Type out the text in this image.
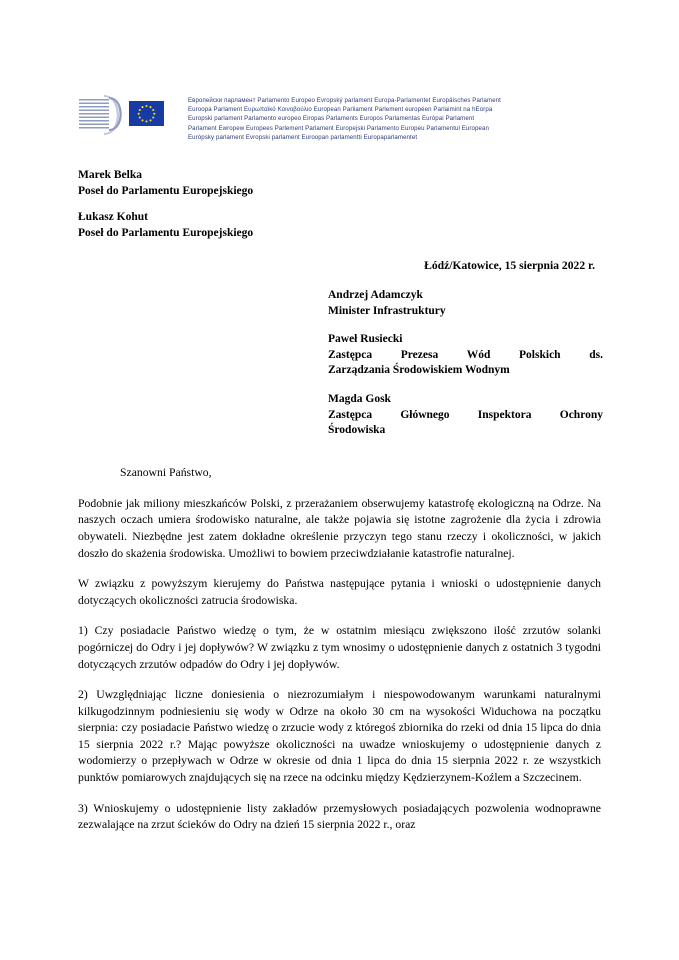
Европейски парламент Parlamento Europeo Evropský parlament Europa-Parlamentet Europäisches Parlament
Euroopa Parlament Ευρωπαϊκό Κοινοβούλιο European Parliament Parlement européen Parlaimint na hEorpa
Europski parlament Parlamento europeo Eiropas Parlaments Europos Parlamentas Európai Parlament
Parlament Ewropew Europees Parlement Parlament Europejski Parlamento Europeu Parlamentul European
Európsky parlament Evropski parlament Euroopan parlamentti Europaparlamentet
Marek Belka
Poseł do Parlamentu Europejskiego
Łukasz Kohut
Poseł do Parlamentu Europejskiego
Łódź/Katowice, 15 sierpnia 2022 r.
Andrzej Adamczyk
Minister Infrastruktury
Paweł Rusiecki
Zastępca Prezesa Wód Polskich ds.
Zarządzania Środowiskiem Wodnym
Magda Gosk
Zastępca Głównego Inspektora Ochrony
Środowiska
Szanowni Państwo,

Podobnie jak miliony mieszkańców Polski, z przerażaniem obserwujemy katastrofę ekologiczną na Odrze. Na naszych oczach umiera środowisko naturalne, ale także pojawia się istotne zagrożenie dla życia i zdrowia obywateli. Niezbędne jest zatem dokładne określenie przyczyn tego stanu rzeczy i okoliczności, w jakich doszło do skażenia środowiska. Umożliwi to bowiem przeciwdziałanie katastrofie naturalnej.

W związku z powyższym kierujemy do Państwa następujące pytania i wnioski o udostępnienie danych dotyczących okoliczności zatrucia środowiska.

1) Czy posiadacie Państwo wiedzę o tym, że w ostatnim miesiącu zwiększono ilość zrzutów solanki pogórniczej do Odry i jej dopływów? W związku z tym wnosimy o udostępnienie danych z ostatnich 3 tygodni dotyczących zrzutów odpadów do Odry i jej dopływów.

2) Uwzględniając liczne doniesienia o niezrozumiałym i niespowodowanym warunkami naturalnymi kilkugodzinnym podniesieniu się wody w Odrze na około 30 cm na wysokości Widuchowa na początku sierpnia: czy posiadacie Państwo wiedzę o zrzucie wody z któregoś zbiornika do rzeki od dnia 15 lipca do dnia 15 sierpnia 2022 r.? Mając powyższe okoliczności na uwadze wnioskujemy o udostępnienie danych z wodomierzy o przepływach w Odrze w okresie od dnia 1 lipca do dnia 15 sierpnia 2022 r. ze wszystkich punktów pomiarowych znajdujących się na rzece na odcinku między Kędzierzynem-Koźlem a Szczecinem.

3) Wnioskujemy o udostępnienie listy zakładów przemysłowych posiadających pozwolenia wodnoprawne zezwalające na zrzut ścieków do Odry na dzień 15 sierpnia 2022 r., oraz
